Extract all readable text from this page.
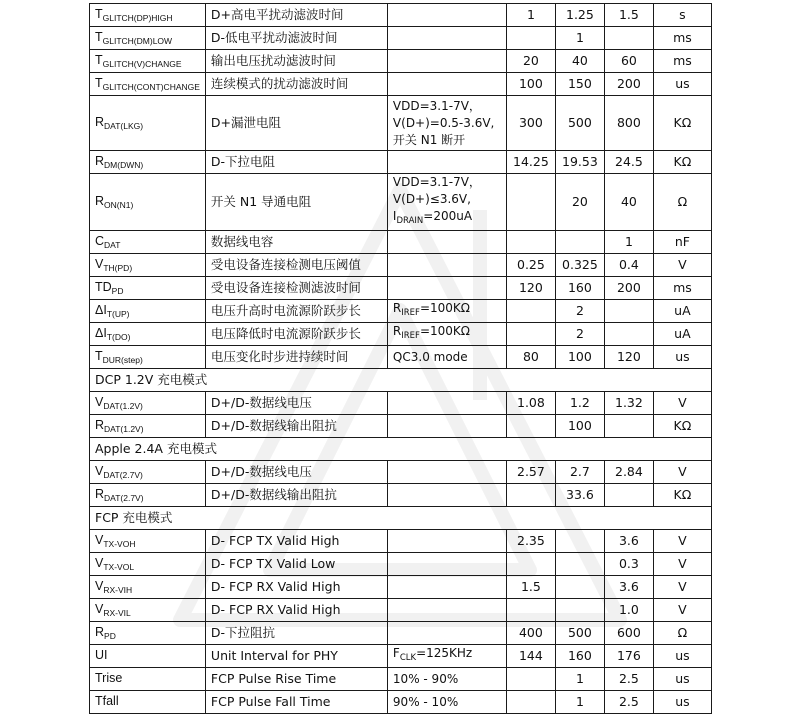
$T_{GLITCH(DP)HIGH}$	D+高电平扰动滤波时间		1	1.25	1.5	s
$T_{GLITCH(DM)LOW}$	D-低电平扰动滤波时间			1		ms
$T_{GLITCH(V)CHANGE}$	输出电压扰动滤波时间		20	40	60	ms
$T_{GLITCH(CONT)CHANGE}$	连续模式的扰动滤波时间		100	150	200	us
$R_{DAT(LKG)}$	D+漏泄电阻	VDD=3.1-7V，
V(D+)=0.5-3.6V,
开关 N1 断开	300	500	800	KΩ
$R_{DM(DWN)}$	D-下拉电阻		14.25	19.53	24.5	KΩ
$R_{ON(N1)}$	开关 N1 导通电阻	VDD=3.1-7V，
V(D+)≤3.6V,
$I_{DRAIN}=200uA$		20	40	Ω
$C_{DAT}$	数据线电容				1	nF
$V_{TH(PD)}$	受电设备连接检测电压阈值		0.25	0.325	0.4	V
$TD_{PD}$	受电设备连接检测滤波时间		120	160	200	ms
$\Delta I_{T(UP)}$	电压升高时电流源阶跃步长	$R_{IREF}=100K\Omega$		2		uA
$\Delta I_{T(DO)}$	电压降低时电流源阶跃步长	$R_{IREF}=100K\Omega$		2		uA
$T_{DUR(step)}$	电压变化时步进持续时间	QC3.0 mode	80	100	120	us
DCP 1.2V 充电模式						
$V_{DAT(1.2V)}$	D+/D-数据线电压		1.08	1.2	1.32	V
$R_{DAT(1.2V)}$	D+/D-数据线输出阻抗			100		KΩ
Apple 2.4A 充电模式						
$V_{DAT(2.7V)}$	D+/D-数据线电压		2.57	2.7	2.84	V
$R_{DAT(2.7V)}$	D+/D-数据线输出阻抗			33.6		KΩ
FCP 充电模式						
$V_{TX-VOH}$	D- FCP TX Valid High		2.35		3.6	V
$V_{TX-VOL}$	D- FCP TX Valid Low				0.3	V
$V_{RX-VIH}$	D- FCP RX Valid High		1.5		3.6	V
$V_{RX-VIL}$	D- FCP RX Valid High				1.0	V
$R_{PD}$	D-下拉阻抗		400	500	600	Ω
UI	Unit Interval for PHY	$F_{CLK}=125KHz$	144	160	176	us
Trise	FCP Pulse Rise Time	10% - 90%		1	2.5	us
Tfall	FCP Pulse Fall Time	90% - 10%		1	2.5	us
